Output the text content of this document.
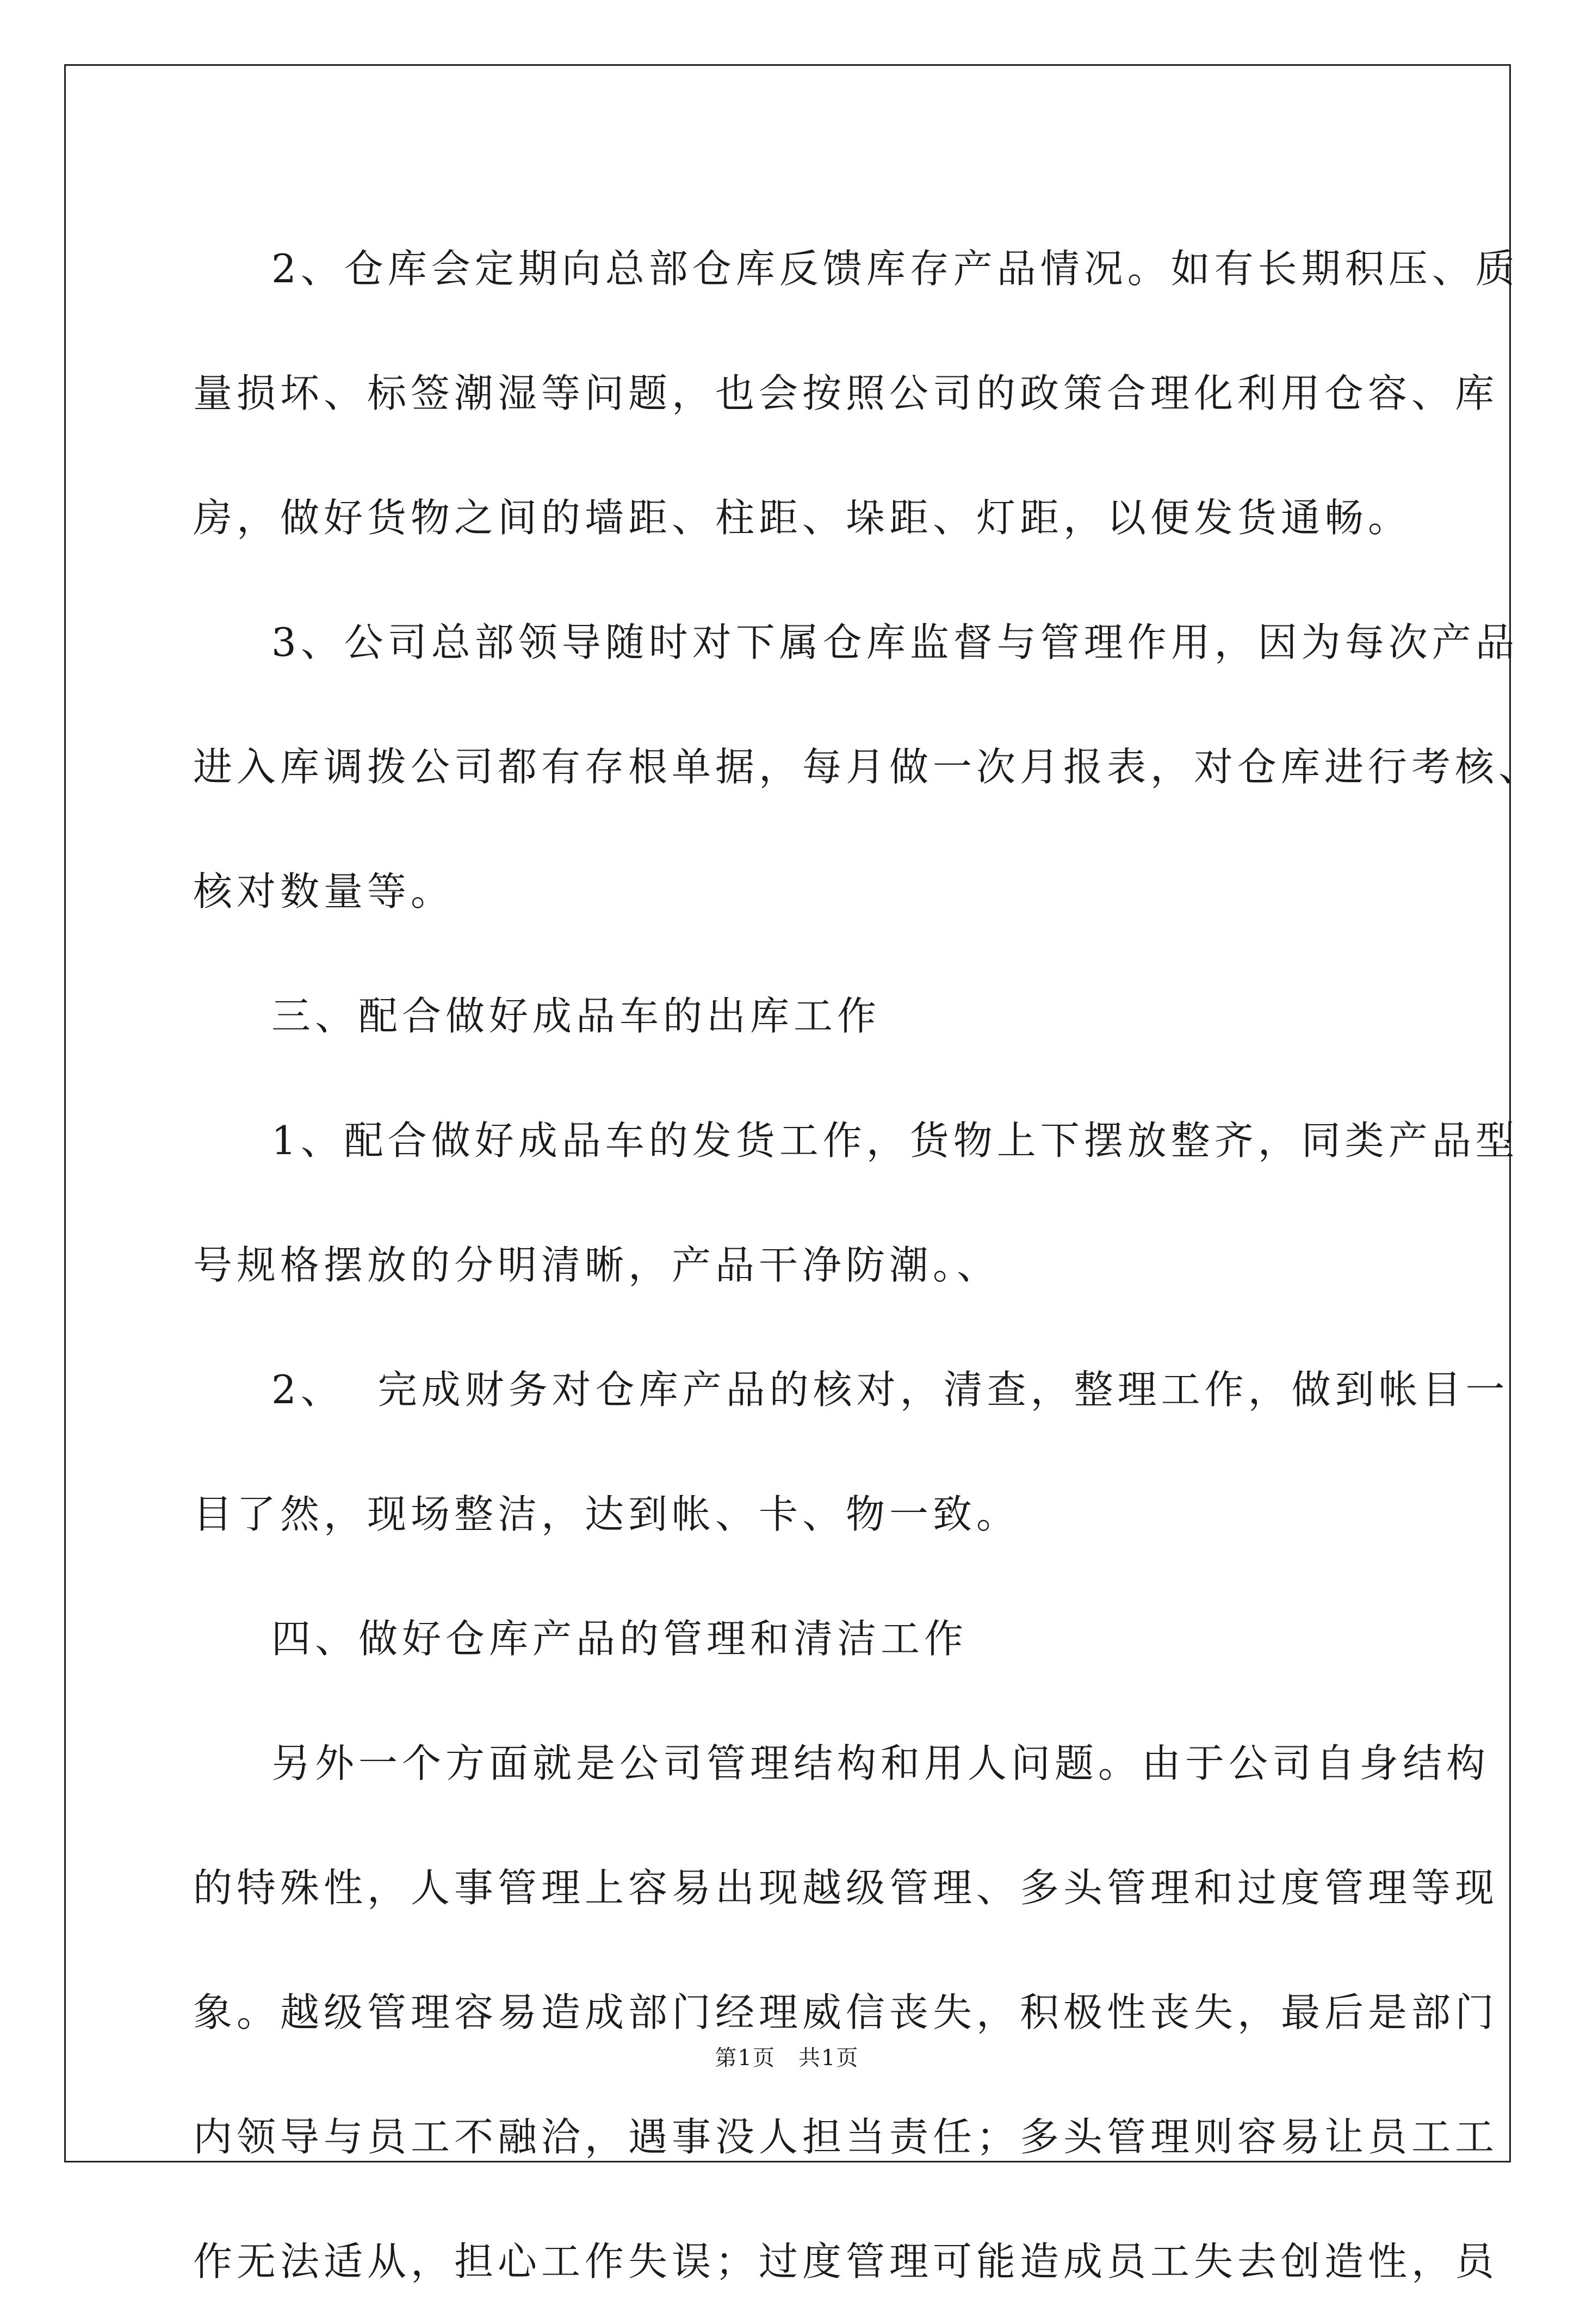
2、仓库会定期向总部仓库反馈库存产品情况。如有长期积压、质
量损坏、标签潮湿等问题，也会按照公司的政策合理化利用仓容、库
房，做好货物之间的墙距、柱距、垛距、灯距，以便发货通畅。
3、公司总部领导随时对下属仓库监督与管理作用，因为每次产品
进入库调拨公司都有存根单据，每月做一次月报表，对仓库进行考核、
核对数量等。
三、配合做好成品车的出库工作
1、配合做好成品车的发货工作，货物上下摆放整齐，同类产品型
号规格摆放的分明清晰，产品干净防潮。、
2、  完成财务对仓库产品的核对，清查，整理工作，做到帐目一
目了然，现场整洁，达到帐、卡、物一致。
四、做好仓库产品的管理和清洁工作
另外一个方面就是公司管理结构和用人问题。由于公司自身结构
的特殊性，人事管理上容易出现越级管理、多头管理和过度管理等现
象。越级管理容易造成部门经理威信丧失，积极性丧失，最后是部门
内领导与员工不融洽，遇事没人担当责任；多头管理则容易让员工工
作无法适从，担心工作失误；过度管理可能造成员工失去创造性，员
第1页　共1页
